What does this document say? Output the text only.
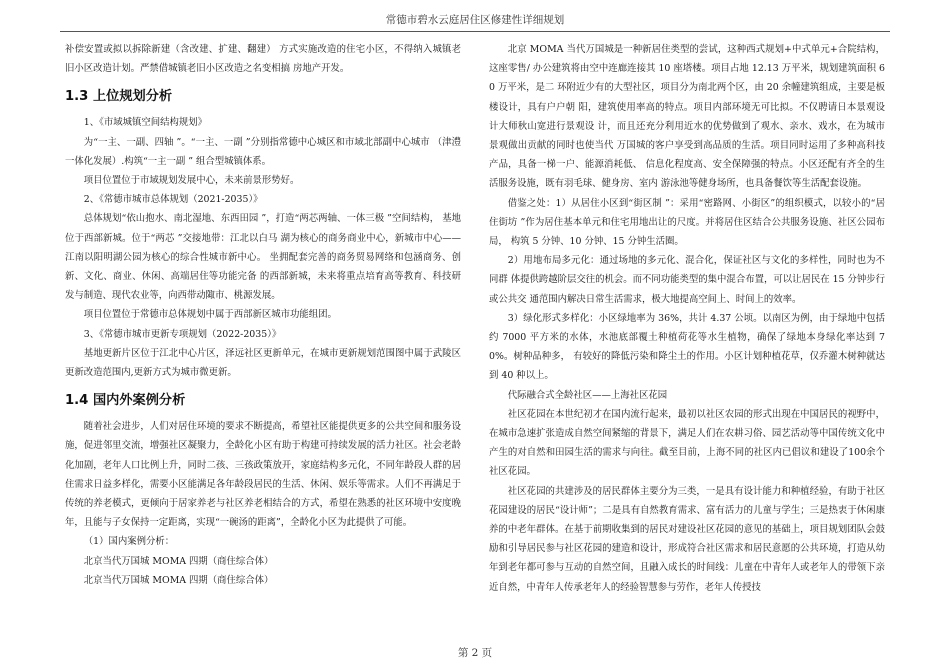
常德市碧水云庭居住区修建性详细规划

补偿安置或拟以拆除新建（含改建、扩建、翻建） 方式实施改造的住宅小区，不得纳入城镇老旧小区改造计划。严禁借城镇老旧小区改造之名变相搞 房地产开发。

1.3 上位规划分析

1、《市域城镇空间结构规划》

为“一主、一副、四轴 ”。“一主、一副 ”分别指常德中心城区和市域北部副中心城市 （津澧一体化发展）.构筑“一主一副 ” 组合型城镇体系。

项目位置位于市域规划发展中心，未来前景形势好。

2、《常德市城市总体规划（2021-2035）》

总体规划“依山抱水、南北湿地、东西田园 ”，打造“两芯两轴、一体三极 ”空间结构， 基地位于西部新城。位于“两芯 ”交接地带：江北以白马 湖为核心的商务商业中心，新城市中心——江南以阳明湖公园为核心的综合性城市新中心。 坐拥配套完善的商务贸易网络和包涵商务、创新、文化、商业、休闲、高端居住等功能完备 的西部新城，未来将重点培育高等教育、科技研发与制造、现代农业等，向西带动陬市、桃源发展。

项目位置位于常德市总体规划中属于西部新区城市功能组团。

3、《常德市城市更新专项规划（2022-2035）》

基地更新片区位于江北中心片区，泽远社区更新单元，在城市更新规划范围图中属于武陵区更新改造范围内,更新方式为城市微更新。

1.4 国内外案例分析

随着社会进步，人们对居住环境的要求不断提高，希望社区能提供更多的公共空间和服务设施，促进邻里交流，增强社区凝聚力，全龄化小区有助于构建可持续发展的活力社区。社会老龄化加剧，老年人口比例上升，同时二孩、三孩政策放开，家庭结构多元化，不同年龄段人群的居住需求日益多样化，需要小区能满足各年龄段居民的生活、休闲、娱乐等需求。人们不再满足于传统的养老模式，更倾向于居家养老与社区养老相结合的方式，希望在熟悉的社区环境中安度晚年，且能与子女保持一定距离，实现“一碗汤的距离”，全龄化小区为此提供了可能。

（1）国内案例分析：

北京当代万国城 MOMA 四期（商住综合体）

北京当代万国城 MOMA 四期（商住综合体）

北京 MOMA 当代万国城是一种新居住类型的尝试，这种西式规划+中式单元+合院结构，这座零售/ 办公建筑将由空中连廊连接其 10 座塔楼。项目占地 12.13 万平米，规划建筑面积 60 万平米，是二 环附近少有的大型社区，项目分为南北两个区，由 20 余幢建筑组成，主要是板楼设计，具有户户朝 阳，建筑使用率高的特点。项目内部环境无可比拟。不仅聘请日本景观设计大师秋山宽进行景观设 计，而且还充分利用近水的优势做到了观水、亲水、戏水，在为城市景观做出贡献的同时也使当代 万国城的客户享受到高品质的生活。项目同时运用了多种高科技产品，具备一梯一户、能源消耗低、 信息化程度高、安全保障强的特点。小区还配有齐全的生活服务设施，既有羽毛球、健身房、室内 游泳池等健身场所，也具备餐饮等生活配套设施。

借鉴之处：1）从居住小区到“街区制 ”：采用“密路网、小街区”的组织模式，以较小的“居 住街坊 ”作为居住基本单元和住宅用地出让的尺度。并将居住区结合公共服务设施、社区公园布局， 构筑 5 分钟、10 分钟、15 分钟生活圈。

2）用地布局多元化：通过场地的多元化、混合化，保证社区与文化的多样性，同时也为不同群 体提供跨越阶层交往的机会。而不同功能类型的集中混合布置，可以让居民在 15 分钟步行或公共交 通范围内解决日常生活需求，极大地提高空间上、时间上的效率。

3）绿化形式多样化：小区绿地率为 36%，共计 4.37 公顷。以南区为例，由于绿地中包括约 7000 平方米的水体，水池底部覆土种植荷花等水生植物，确保了绿地本身绿化率达到 70%。树种品种多， 有较好的降低污染和降尘土的作用。小区计划种植花草，仅乔灌木树种就达到 40 种以上。

代际融合式全龄社区——上海社区花园

社区花园在本世纪初才在国内流行起来，最初以社区农园的形式出现在中国居民的视野中，在城市急速扩张造成自然空间紧缩的背景下，满足人们在农耕习俗、园艺活动等中国传统文化中产生的对自然和田园生活的需求与向往。截至目前，上海不同的社区内已倡议和建设了100余个社区花园。

社区花园的共建涉及的居民群体主要分为三类，一是具有设计能力和种植经验，有助于社区花园建设的居民“设计师”；二是具有自然教育需求、富有活力的儿童与学生；三是热衷于休闲康养的中老年群体。在基于前期收集到的居民对建设社区花园的意见的基础上，项目规划团队会鼓励和引导居民参与社区花园的建造和设计，形成符合社区需求和居民意愿的公共环境，打造从幼年到老年都可参与互动的自然空间，且融入成长的时间线：儿童在中青年人或老年人的带领下亲近自然，中青年人传承老年人的经验智慧参与劳作，老年人传授技

第 2 页
